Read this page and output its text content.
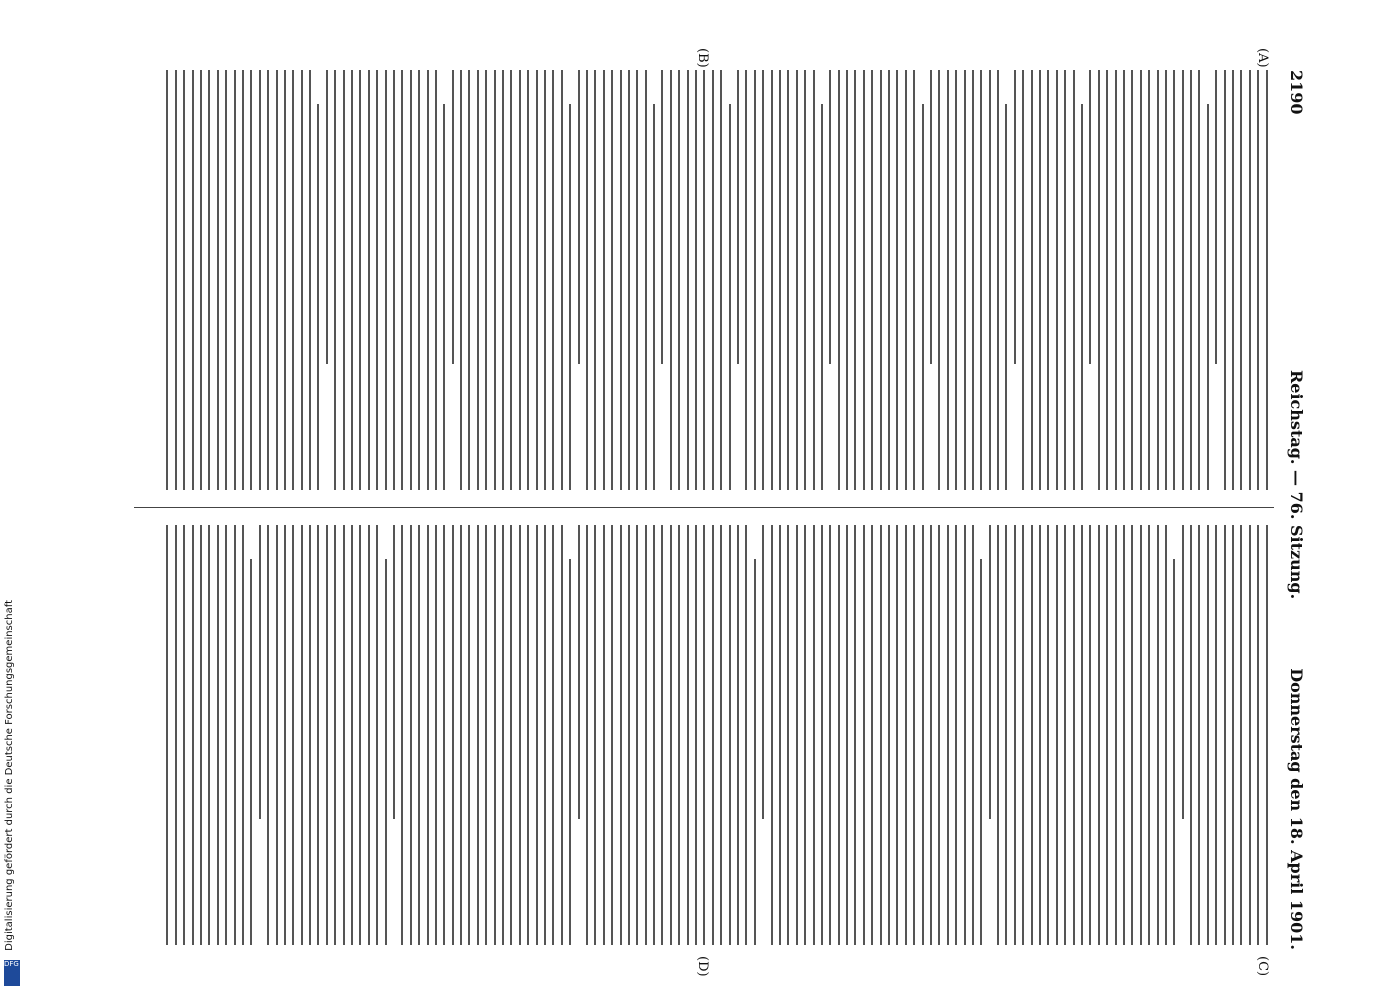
2190
Reichstag. — 76. Sitzung.
Donnerstag den 18. April 1901.
(A)
(B)
(C)
(D)
Digitalisierung gefördert durch die Deutsche Forschungsgemeinschaft
DFG
